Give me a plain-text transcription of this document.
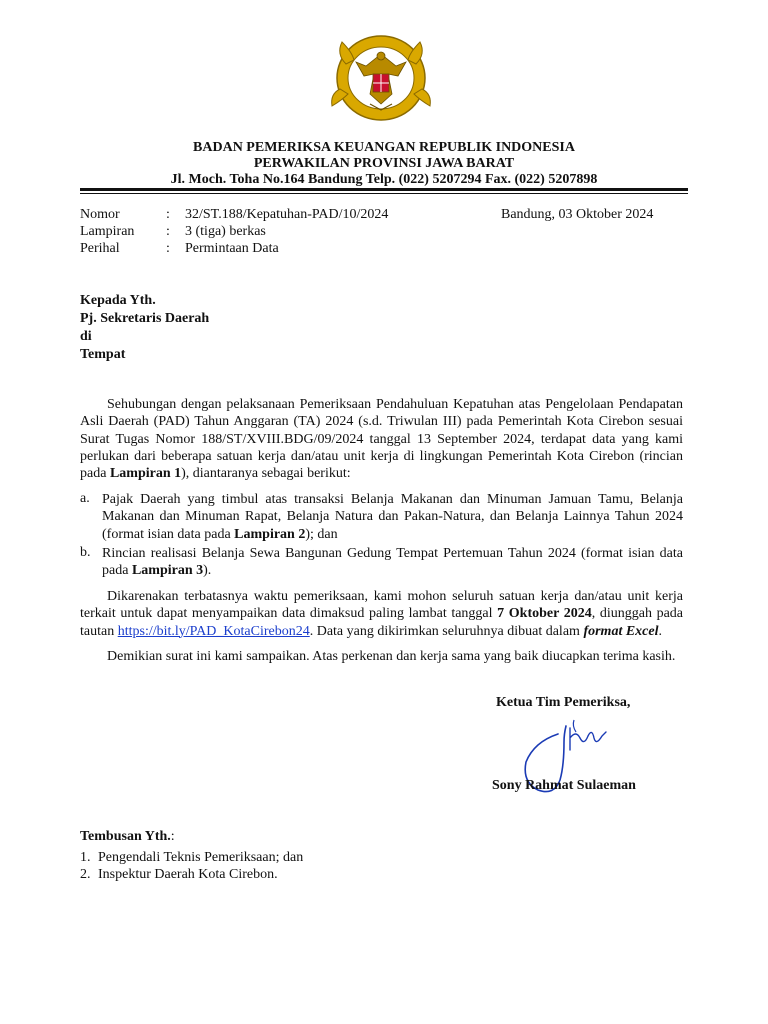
BADAN PEMERIKSA KEUANGAN REPUBLIK INDONESIA
PERWAKILAN PROVINSI JAWA BARAT
Jl. Moch. Toha No.164 Bandung Telp. (022) 5207294 Fax. (022) 5207898
Nomor	: 32/ST.188/Kepatuhan-PAD/10/2024	Bandung, 03 Oktober 2024
Lampiran : 3 (tiga) berkas
Perihal	: Permintaan Data
Kepada Yth.
Pj. Sekretaris Daerah
di
Tempat
Sehubungan dengan pelaksanaan Pemeriksaan Pendahuluan Kepatuhan atas Pengelolaan Pendapatan Asli Daerah (PAD) Tahun Anggaran (TA) 2024 (s.d. Triwulan III) pada Pemerintah Kota Cirebon sesuai Surat Tugas Nomor 188/ST/XVIII.BDG/09/2024 tanggal 13 September 2024, terdapat data yang kami perlukan dari beberapa satuan kerja dan/atau unit kerja di lingkungan Pemerintah Kota Cirebon (rincian pada Lampiran 1), diantaranya sebagai berikut:
a. Pajak Daerah yang timbul atas transaksi Belanja Makanan dan Minuman Jamuan Tamu, Belanja Makanan dan Minuman Rapat, Belanja Natura dan Pakan-Natura, dan Belanja Lainnya Tahun 2024 (format isian data pada Lampiran 2); dan
b. Rincian realisasi Belanja Sewa Bangunan Gedung Tempat Pertemuan Tahun 2024 (format isian data pada Lampiran 3).
Dikarenakan terbatasnya waktu pemeriksaan, kami mohon seluruh satuan kerja dan/atau unit kerja terkait untuk dapat menyampaikan data dimaksud paling lambat tanggal 7 Oktober 2024, diunggah pada tautan https://bit.ly/PAD_KotaCirebon24. Data yang dikirimkan seluruhnya dibuat dalam format Excel.
Demikian surat ini kami sampaikan. Atas perkenan dan kerja sama yang baik diucapkan terima kasih.
Ketua Tim Pemeriksa,
Sony Rahmat Sulaeman
Tembusan Yth.:
1. Pengendali Teknis Pemeriksaan; dan
2. Inspektur Daerah Kota Cirebon.
